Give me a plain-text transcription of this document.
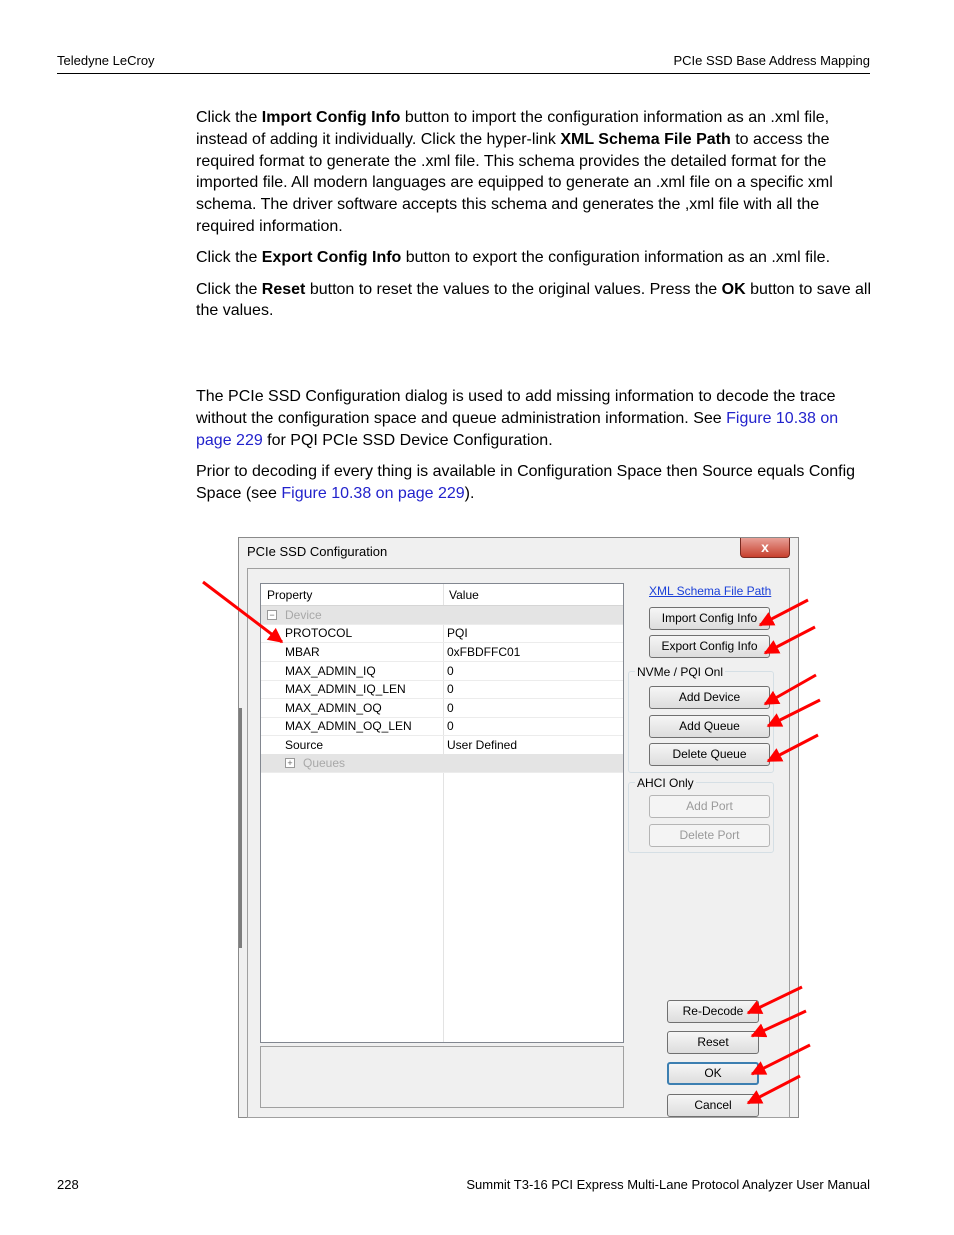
Teledyne LeCroy	PCIe SSD Base Address Mapping

Click the Import Config Info button to import the configuration information as an .xml file, instead of adding it individually. Click the hyper-link XML Schema File Path to access the required format to generate the .xml file. This schema provides the detailed format for the imported file. All modern languages are equipped to generate an .xml file on a specific xml schema. The driver software accepts this schema and generates the ,xml file with all the required information.

Click the Export Config Info button to export the configuration information as an .xml file.

Click the Reset button to reset the values to the original values. Press the OK button to save all the values.

The PCIe SSD Configuration dialog is used to add missing information to decode the trace without the configuration space and queue administration information. See Figure 10.38 on page 229 for PQI PCIe SSD Device Configuration.

Prior to decoding if every thing is available in Configuration Space then Source equals Config Space (see Figure 10.38 on page 229).

PCIe SSD Configuration	x
Property	Value
− Device
PROTOCOL	PQI
MBAR	0xFBDFFC01
MAX_ADMIN_IQ	0
MAX_ADMIN_IQ_LEN	0
MAX_ADMIN_OQ	0
MAX_ADMIN_OQ_LEN	0
Source	User Defined
+ Queues
XML Schema File Path
Import Config Info
Export Config Info
NVMe / PQI Onl
Add Device
Add Queue
Delete Queue
AHCI Only
Add Port
Delete Port
Re-Decode
Reset
OK
Cancel
228	Summit T3-16 PCI Express Multi-Lane Protocol Analyzer User Manual
